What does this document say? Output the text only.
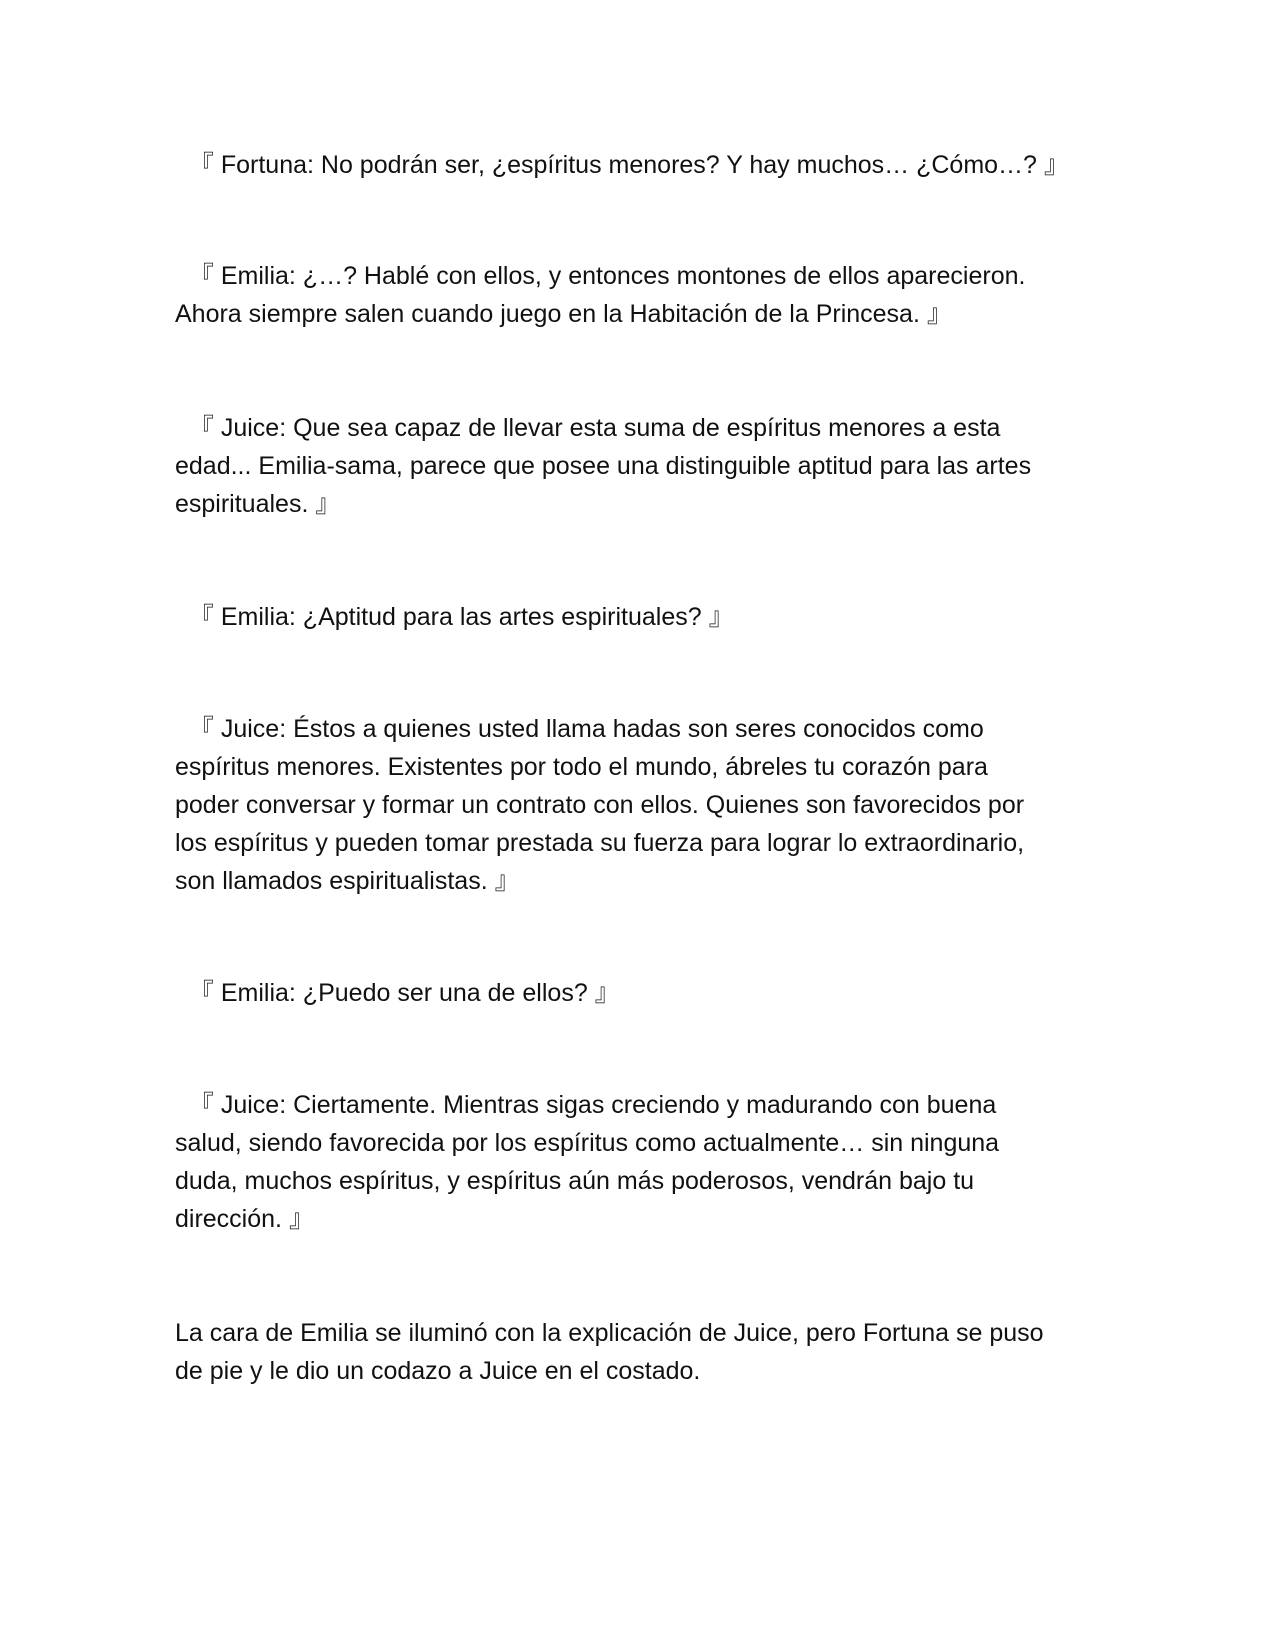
『 Fortuna: No podrán ser, ¿espíritus menores? Y hay muchos… ¿Cómo…? 』

『 Emilia: ¿…? Hablé con ellos, y entonces montones de ellos aparecieron.
Ahora siempre salen cuando juego en la Habitación de la Princesa. 』

『 Juice: Que sea capaz de llevar esta suma de espíritus menores a esta
edad... Emilia-sama, parece que posee una distinguible aptitud para las artes
espirituales. 』

『 Emilia: ¿Aptitud para las artes espirituales? 』

『 Juice: Éstos a quienes usted llama hadas son seres conocidos como
espíritus menores. Existentes por todo el mundo, ábreles tu corazón para
poder conversar y formar un contrato con ellos. Quienes son favorecidos por
los espíritus y pueden tomar prestada su fuerza para lograr lo extraordinario,
son llamados espiritualistas. 』

『 Emilia: ¿Puedo ser una de ellos? 』

『 Juice: Ciertamente. Mientras sigas creciendo y madurando con buena
salud, siendo favorecida por los espíritus como actualmente… sin ninguna
duda, muchos espíritus, y espíritus aún más poderosos, vendrán bajo tu
dirección. 』

La cara de Emilia se iluminó con la explicación de Juice, pero Fortuna se puso
de pie y le dio un codazo a Juice en el costado.
